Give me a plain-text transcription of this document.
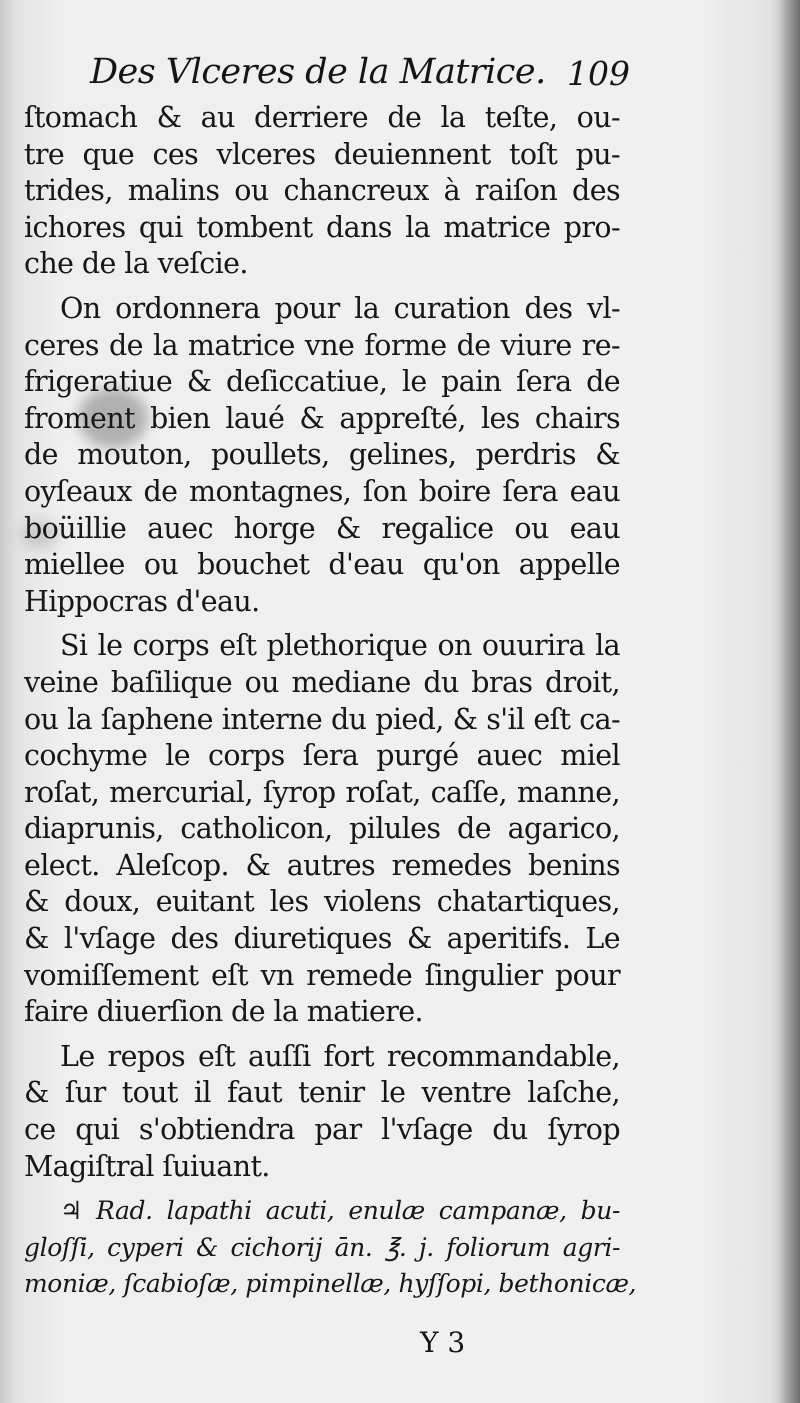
Des Vlceres de la Matrice. 109
ſtomach & au derriere de la teſte, ou-
tre que ces vlceres deuiennent toſt pu-
trides, malins ou chancreux à raiſon des
ichores qui tombent dans la matrice pro-
che de la veſcie.
On ordonnera pour la curation des vl-
ceres de la matrice vne forme de viure re-
frigeratiue & deſiccatiue, le pain ſera de
froment bien laué & appreſté, les chairs
de mouton, poullets, gelines, perdris &
oyſeaux de montagnes, ſon boire ſera eau
boüillie auec horge & regalice ou eau
miellee ou bouchet d'eau qu'on appelle
Hippocras d'eau.
Si le corps eſt plethorique on ouurira la
veine baſilique ou mediane du bras droit,
ou la ſaphene interne du pied, & s'il eſt ca-
cochyme le corps ſera purgé auec miel
roſat, mercurial, ſyrop roſat, caſſe, manne,
diaprunis, catholicon, pilules de agarico,
elect. Aleſcop. & autres remedes benins
& doux, euitant les violens chatartiques,
& l'vſage des diuretiques & aperitifs. Le
vomiſſement eſt vn remede ſingulier pour
faire diuerſion de la matiere.
Le repos eſt auſſi fort recommandable,
& ſur tout il faut tenir le ventre laſche,
ce qui s'obtiendra par l'vſage du ſyrop
Magiſtral ſuiuant.
♃ Rad. lapathi acuti, enulæ campanæ, bu-
gloſſi, cyperi & cichorij ān. ℥. j. foliorum agri-
moniæ, ſcabioſæ, pimpinellæ, hyſſopi, bethonicæ,
Y 3
